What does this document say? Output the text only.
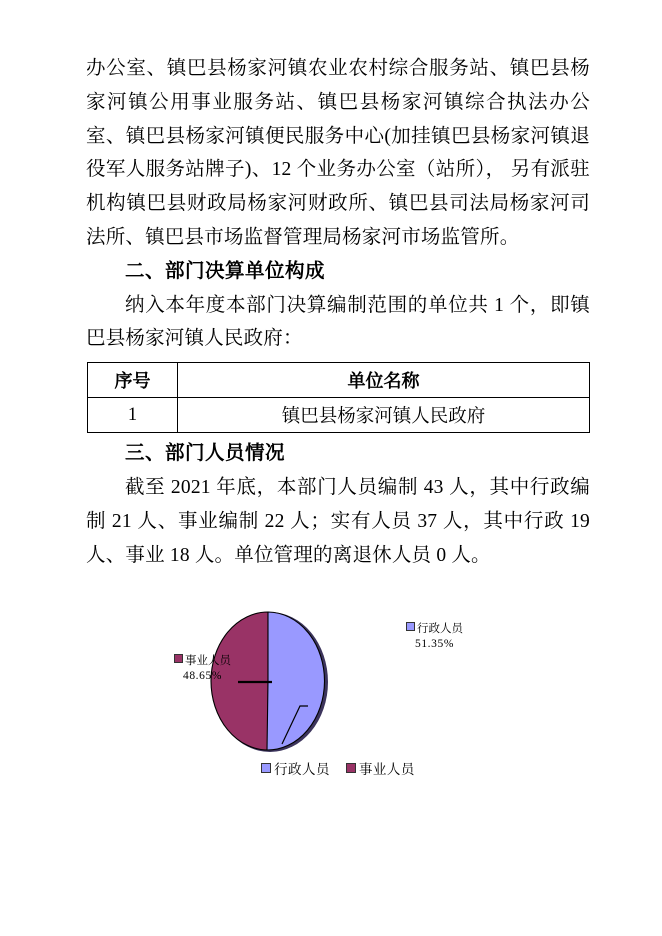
办公室、镇巴县杨家河镇农业农村综合服务站、镇巴县杨家河镇公用事业服务站、镇巴县杨家河镇综合执法办公室、镇巴县杨家河镇便民服务中心(加挂镇巴县杨家河镇退役军人服务站牌子)、12 个业务办公室（站所）， 另有派驻机构镇巴县财政局杨家河财政所、镇巴县司法局杨家河司法所、镇巴县市场监督管理局杨家河市场监管所。

二、部门决算单位构成

纳入本年度本部门决算编制范围的单位共 1 个，即镇巴县杨家河镇人民政府：

序号	单位名称
1	镇巴县杨家河镇人民政府
三、部门人员情况

截至 2021 年底，本部门人员编制 43 人，其中行政编制 21 人、事业编制 22 人；实有人员 37 人，其中行政 19 人、事业 18 人。单位管理的离退休人员 0 人。

行政人员
51.35%
事业人员
48.65%
行政人员 事业人员
